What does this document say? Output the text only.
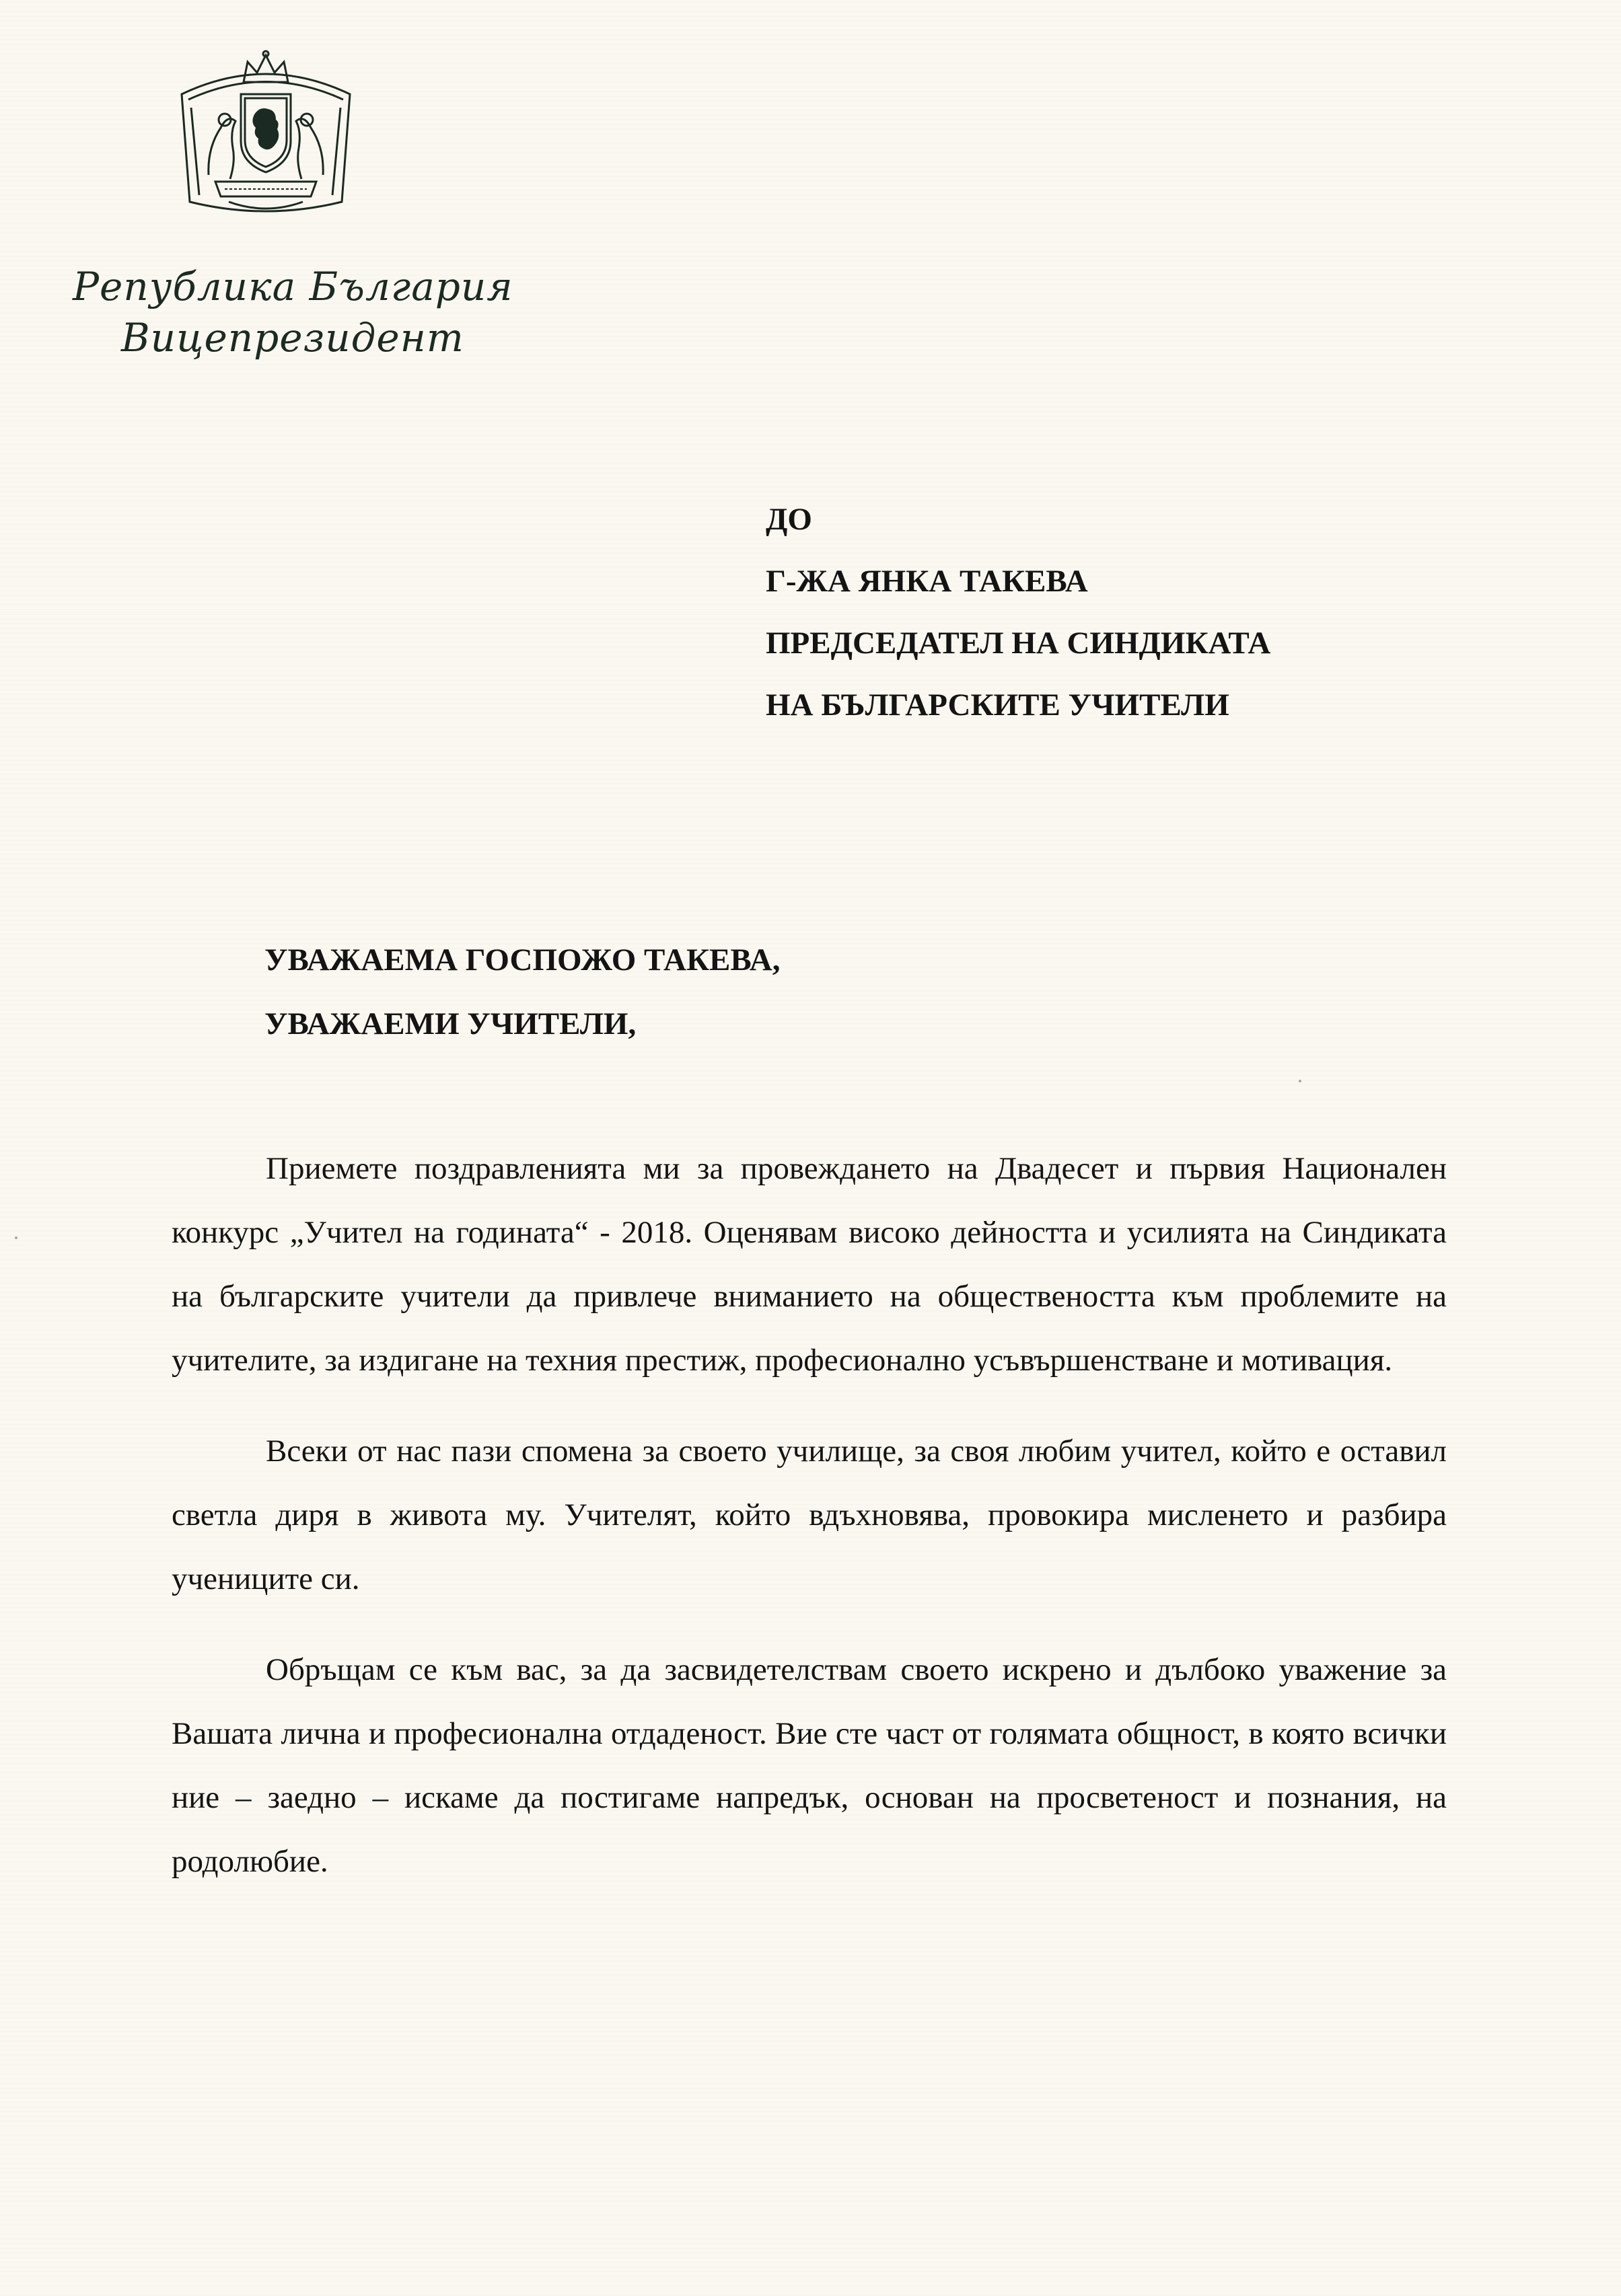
Република България
Вицепрезидент
ДО
Г-ЖА ЯНКА ТАКЕВА
ПРЕДСЕДАТЕЛ НА СИНДИКАТА
НА БЪЛГАРСКИТЕ УЧИТЕЛИ
УВАЖАЕМА ГОСПОЖО ТАКЕВА,
УВАЖАЕМИ УЧИТЕЛИ,

Приемете поздравленията ми за провеждането на Двадесет и първия Национален конкурс „Учител на годината“ - 2018. Оценявам високо дейността и усилията на Синдиката на българските учители да привлече вниманието на обществеността към проблемите на учителите, за издигане на техния престиж, професионално усъвършенстване и мотивация.

Всеки от нас пази спомена за своето училище, за своя любим учител, който е оставил светла диря в живота му. Учителят, който вдъхновява, провокира мисленето и разбира учениците си.

Обръщам се към вас, за да засвидетелствам своето искрено и дълбоко уважение за Вашата лична и професионална отдаденост. Вие сте част от голямата общност, в която всички ние – заедно – искаме да постигаме напредък, основан на просветеност и познания, на родолюбие.
